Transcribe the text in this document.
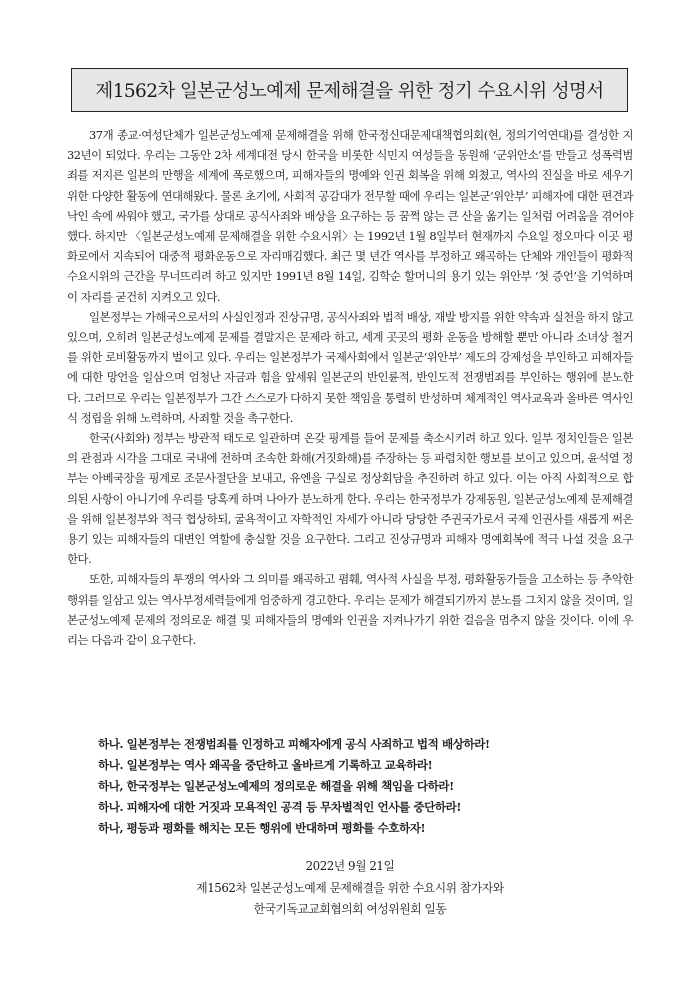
제1562차 일본군성노예제 문제해결을 위한 정기 수요시위 성명서

37개 종교·여성단체가 일본군성노예제 문제해결을 위해 한국정신대문제대책협의회(현, 정의기억연대)를 결성한 지 32년이 되었다. 우리는 그동안 2차 세계대전 당시 한국을 비롯한 식민지 여성들을 동원해 ‘군위안소’를 만들고 성폭력범죄를 저지른 일본의 만행을 세계에 폭로했으며, 피해자들의 명예와 인권 회복을 위해 외쳤고, 역사의 진실을 바로 세우기 위한 다양한 활동에 연대해왔다. 물론 초기에, 사회적 공감대가 전무할 때에 우리는 일본군‘위안부’ 피해자에 대한 편견과 낙인 속에 싸워야 했고, 국가를 상대로 공식사죄와 배상을 요구하는 등 꿈쩍 않는 큰 산을 옮기는 일처럼 어려움을 겪어야 했다. 하지만 〈일본군성노예제 문제해결을 위한 수요시위〉는 1992년 1월 8일부터 현재까지 수요일 정오마다 이곳 평화로에서 지속되어 대중적 평화운동으로 자리매김했다. 최근 몇 년간 역사를 부정하고 왜곡하는 단체와 개인들이 평화적 수요시위의 근간을 무너뜨리려 하고 있지만 1991년 8월 14일, 김학순 할머니의 용기 있는 위안부 ‘첫 증언’을 기억하며 이 자리를 굳건히 지켜오고 있다.

일본정부는 가해국으로서의 사실인정과 진상규명, 공식사죄와 법적 배상, 재발 방지를 위한 약속과 실천을 하지 않고 있으며, 오히려 일본군성노예제 문제를 결말지은 문제라 하고, 세계 곳곳의 평화 운동을 방해할 뿐만 아니라 소녀상 철거를 위한 로비활동까지 벌이고 있다. 우리는 일본정부가 국제사회에서 일본군‘위안부’ 제도의 강제성을 부인하고 피해자들에 대한 망언을 일삼으며 엄청난 자금과 힘을 앞세워 일본군의 반인륜적, 반인도적 전쟁범죄를 부인하는 행위에 분노한다. 그러므로 우리는 일본정부가 그간 스스로가 다하지 못한 책임을 통렬히 반성하며 체계적인 역사교육과 올바른 역사인식 정립을 위해 노력하며, 사죄할 것을 촉구한다.

한국(사회와) 정부는 방관적 태도로 일관하며 온갖 핑계를 들어 문제를 축소시키려 하고 있다. 일부 정치인들은 일본의 관점과 시각을 그대로 국내에 전하며 조속한 화해(거짓화해)를 주장하는 등 파렴치한 행보를 보이고 있으며, 윤석열 정부는 아베국장을 핑계로 조문사절단을 보내고, 유엔을 구실로 정상회담을 추진하려 하고 있다. 이는 아직 사회적으로 합의된 사항이 아니기에 우리를 당혹케 하며 나아가 분노하게 한다. 우리는 한국정부가 강제동원, 일본군성노예제 문제해결을 위해 일본정부와 적극 협상하되, 굴욕적이고 자학적인 자세가 아니라 당당한 주권국가로서 국제 인권사를 새롭게 써온 용기 있는 피해자들의 대변인 역할에 충실할 것을 요구한다. 그리고 진상규명과 피해자 명예회복에 적극 나설 것을 요구한다.

또한, 피해자들의 투쟁의 역사와 그 의미를 왜곡하고 폄훼, 역사적 사실을 부정, 평화활동가들을 고소하는 등 추악한 행위를 일삼고 있는 역사부정세력들에게 엄중하게 경고한다. 우리는 문제가 해결되기까지 분노를 그치지 않을 것이며, 일본군성노예제 문제의 정의로운 해결 및 피해자들의 명예와 인권을 지켜나가기 위한 걸음을 멈추지 않을 것이다. 이에 우리는 다음과 같이 요구한다.

하나. 일본정부는 전쟁범죄를 인정하고 피해자에게 공식 사죄하고 법적 배상하라!
하나. 일본정부는 역사 왜곡을 중단하고 올바르게 기록하고 교육하라!
하나, 한국정부는 일본군성노예제의 정의로운 해결을 위해 책임을 다하라!
하나. 피해자에 대한 거짓과 모욕적인 공격 등 무차별적인 언사를 중단하라!
하나, 평등과 평화를 해치는 모든 행위에 반대하며 평화를 수호하자!
2022년 9월 21일
제1562차 일본군성노예제 문제해결을 위한 수요시위 참가자와
한국기독교교회협의회 여성위원회 일동
